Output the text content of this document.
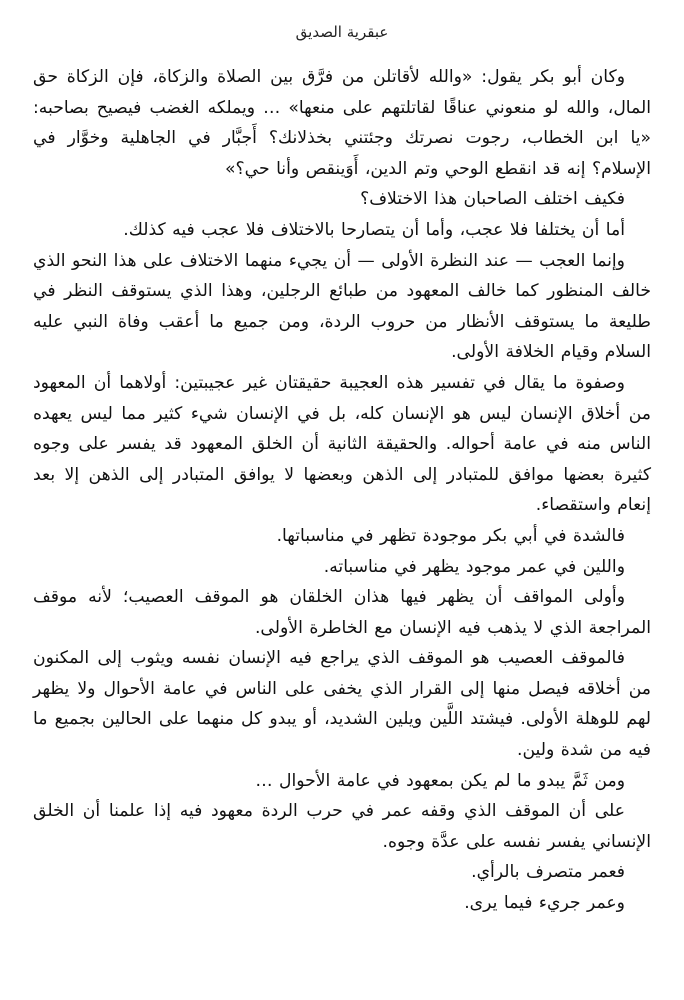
عبقرية الصديق

وكان أبو بكر يقول: «والله لأقاتلن من فرَّق بين الصلاة والزكاة، فإن الزكاة حق المال، والله لو منعوني عناقًا لقاتلتهم على منعها» … ويملكه الغضب فيصيح بصاحبه: «يا ابن الخطاب، رجوت نصرتك وجئتني بخذلانك؟ أَجبَّار في الجاهلية وخوَّار في الإسلام؟ إنه قد انقطع الوحي وتم الدين، أَوَينقص وأنا حي؟»

فكيف اختلف الصاحبان هذا الاختلاف؟

أما أن يختلفا فلا عجب، وأما أن يتصارحا بالاختلاف فلا عجب فيه كذلك.

وإنما العجب — عند النظرة الأولى — أن يجيء منهما الاختلاف على هذا النحو الذي خالف المنظور كما خالف المعهود من طبائع الرجلين، وهذا الذي يستوقف النظر في طليعة ما يستوقف الأنظار من حروب الردة، ومن جميع ما أعقب وفاة النبي عليه السلام وقيام الخلافة الأولى.

وصفوة ما يقال في تفسير هذه العجيبة حقيقتان غير عجيبتين: أولاهما أن المعهود من أخلاق الإنسان ليس هو الإنسان كله، بل في الإنسان شيء كثير مما ليس يعهده الناس منه في عامة أحواله. والحقيقة الثانية أن الخلق المعهود قد يفسر على وجوه كثيرة بعضها موافق للمتبادر إلى الذهن وبعضها لا يوافق المتبادر إلى الذهن إلا بعد إنعام واستقصاء.

فالشدة في أبي بكر موجودة تظهر في مناسباتها.

واللين في عمر موجود يظهر في مناسباته.

وأولى المواقف أن يظهر فيها هذان الخلقان هو الموقف العصيب؛ لأنه موقف المراجعة الذي لا يذهب فيه الإنسان مع الخاطرة الأولى.

فالموقف العصيب هو الموقف الذي يراجع فيه الإنسان نفسه ويثوب إلى المكنون من أخلاقه فيصل منها إلى القرار الذي يخفى على الناس في عامة الأحوال ولا يظهر لهم للوهلة الأولى. فيشتد اللَّين ويلين الشديد، أو يبدو كل منهما على الحالين بجميع ما فيه من شدة ولين.

ومن ثَمَّ يبدو ما لم يكن بمعهود في عامة الأحوال …

على أن الموقف الذي وقفه عمر في حرب الردة معهود فيه إذا علمنا أن الخلق الإنساني يفسر نفسه على عدَّة وجوه.

فعمر متصرف بالرأي.

وعمر جريء فيما يرى.
